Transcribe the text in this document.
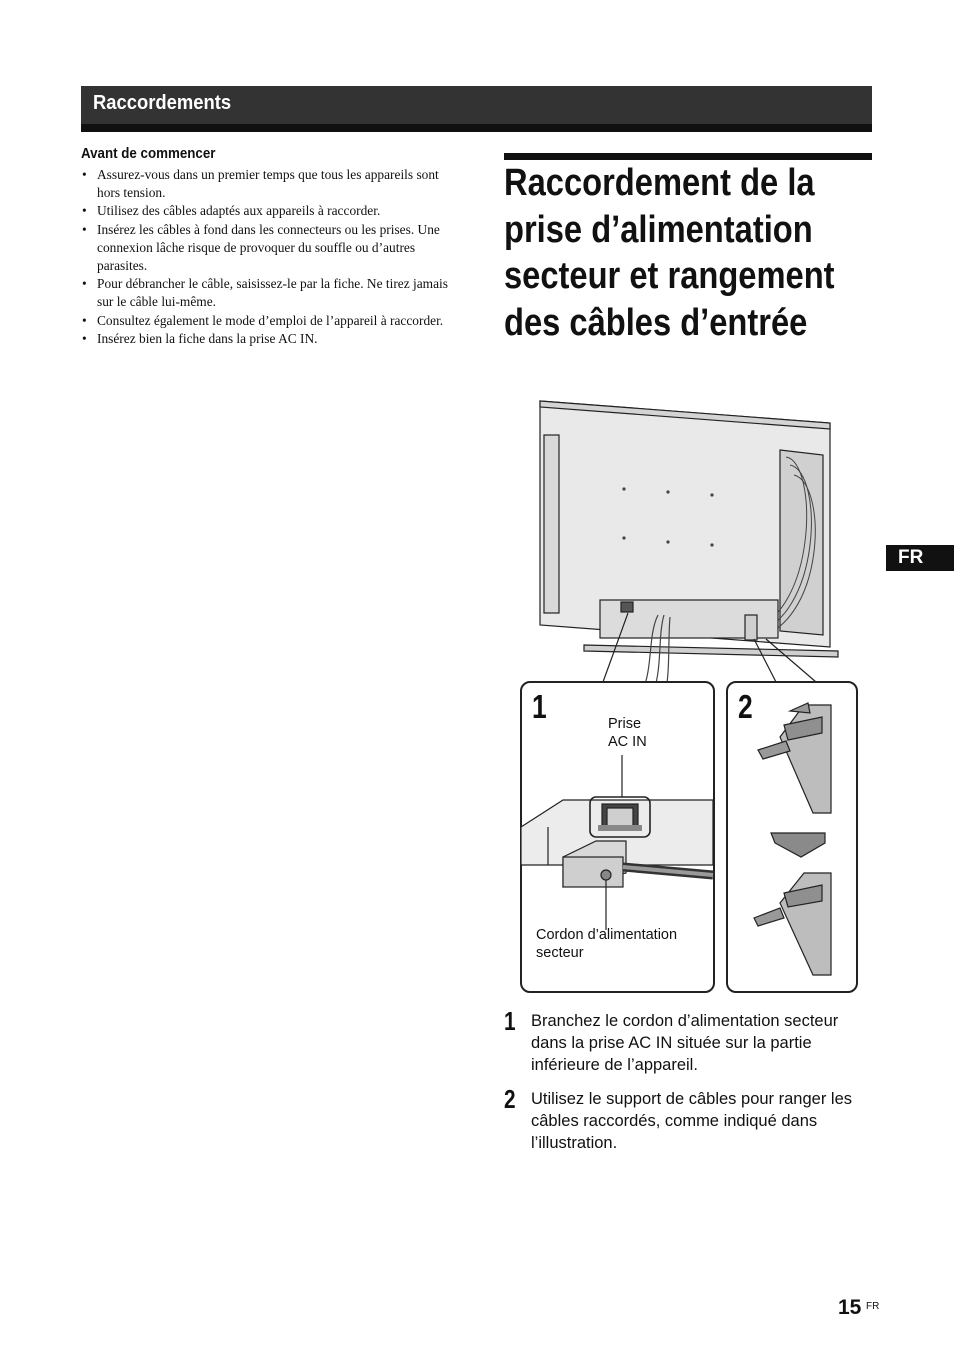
Raccordements

Avant de commencer

• Assurez-vous dans un premier temps que tous les appareils sont hors tension.
• Utilisez des câbles adaptés aux appareils à raccorder.
• Insérez les câbles à fond dans les connecteurs ou les prises. Une connexion lâche risque de provoquer du souffle ou d’autres parasites.
• Pour débrancher le câble, saisissez-le par la fiche. Ne tirez jamais sur le câble lui-même.
• Consultez également le mode d’emploi de l’appareil à raccorder.
• Insérez bien la fiche dans la prise AC IN.
Raccordement de la
prise d’alimentation
secteur et rangement
des câbles d’entrée
1	2
Prise
AC IN
Cordon d’alimentation
secteur
1 Branchez le cordon d’alimentation secteur dans la prise AC IN située sur la partie inférieure de l’appareil.
2 Utilisez le support de câbles pour ranger les câbles raccordés, comme indiqué dans l’illustration.
FR
15 FR
